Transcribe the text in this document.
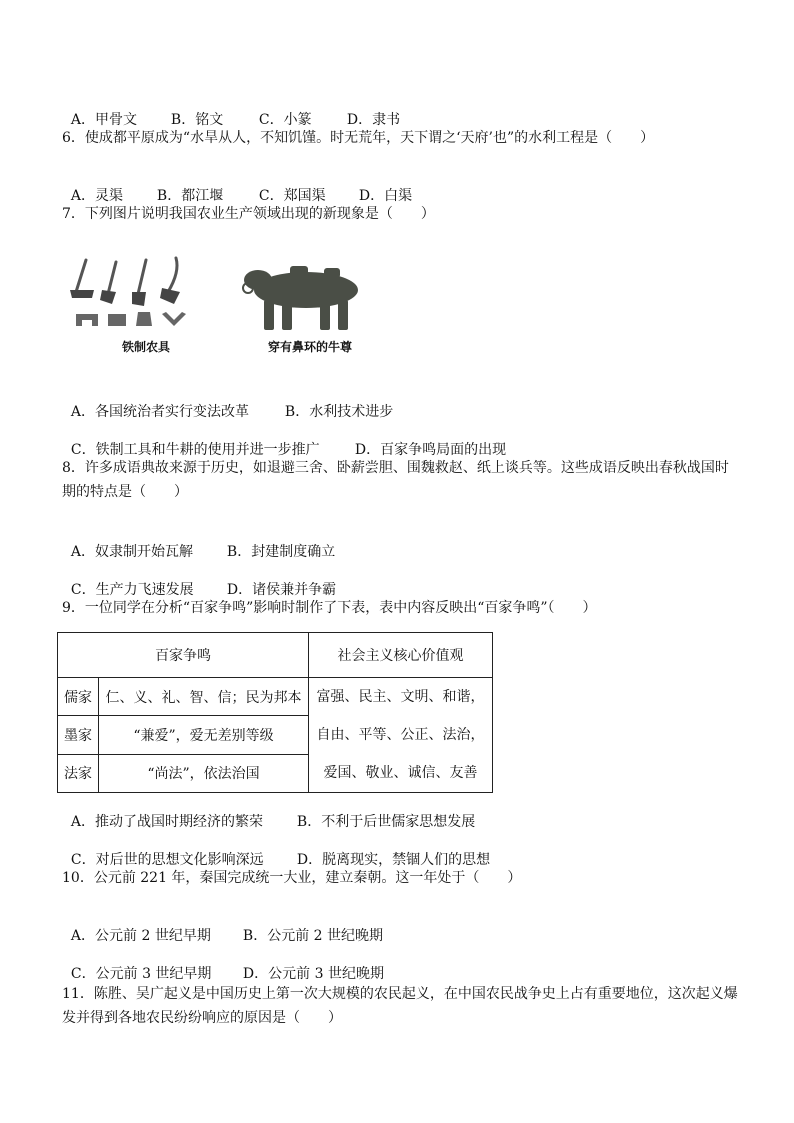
A．甲骨文 B．铭文	C．小篆	D．隶书

6．使成都平原成为“水旱从人，不知饥馑。时无荒年，天下谓之‘天府’也”的水利工程是（　　）

A．灵渠 B．都江堰	C．郑国渠 D．白渠

7．下列图片说明我国农业生产领域出现的新现象是（　　）
铁制农具	穿有鼻环的牛尊

A．各国统治者实行变法改革	B．水利技术进步

C．铁制工具和牛耕的使用并进一步推广	D．百家争鸣局面的出现

8．许多成语典故来源于历史，如退避三舍、卧薪尝胆、围魏救赵、纸上谈兵等。这些成语反映出春秋战国时
期的特点是（　　）

A．奴隶制开始瓦解 B．封建制度确立

C．生产力飞速发展 D．诸侯兼并争霸

9．一位同学在分析“百家争鸣”影响时制作了下表，表中内容反映出“百家争鸣”（　　）
百家争鸣		社会主义核心价值观
儒家	仁、义、礼、智、信；民为邦本	富强、民主、文明、和谐，
自由、平等、公正、法治，
爱国、敬业、诚信、友善

墨家	“兼爱”，爱无差别等级	
法家	“尚法”，依法治国	

A．推动了战国时期经济的繁荣 B．不利于后世儒家思想发展

C．对后世的思想文化影响深远 D．脱离现实，禁锢人们的思想

10．公元前 221 年，秦国完成统一大业，建立秦朝。这一年处于（　　）

A．公元前 2 世纪早期 B．公元前 2 世纪晚期

C．公元前 3 世纪早期 D．公元前 3 世纪晚期

11．陈胜、吴广起义是中国历史上第一次大规模的农民起义，在中国农民战争史上占有重要地位，这次起义爆
发并得到各地农民纷纷响应的原因是（　　）
